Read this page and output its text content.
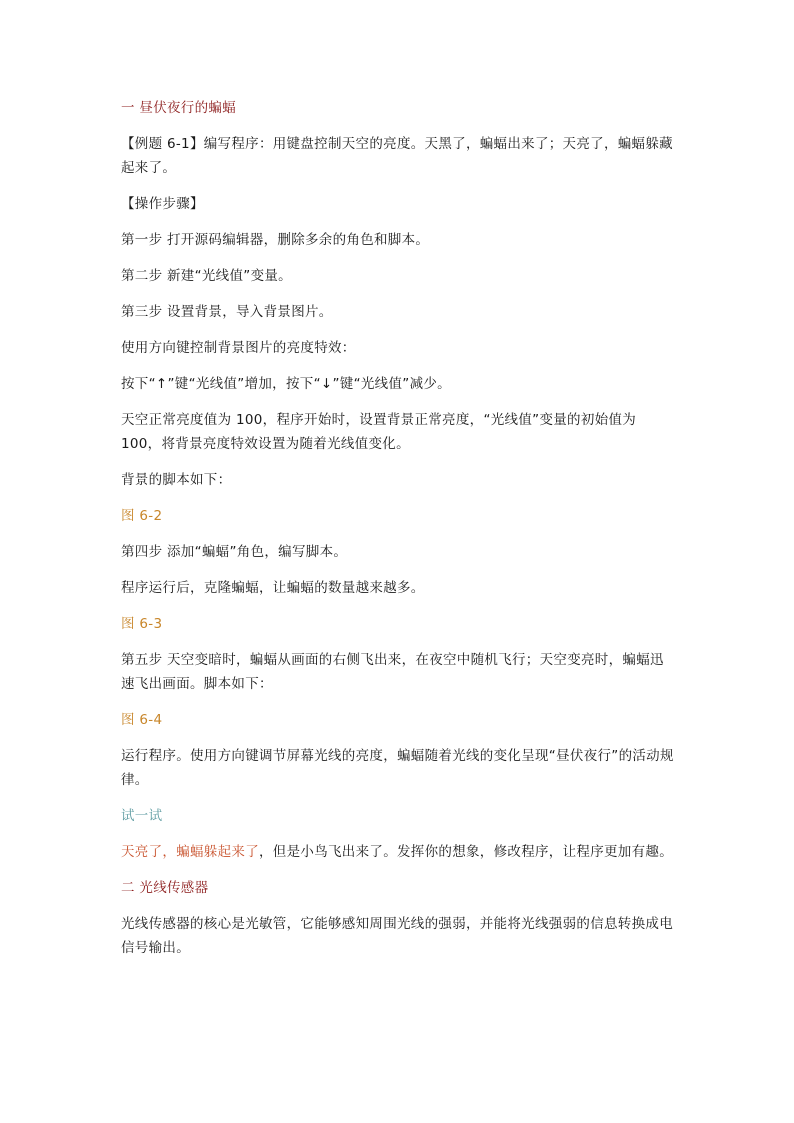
一 昼伏夜行的蝙蝠

【例题 6-1】编写程序：用键盘控制天空的亮度。天黑了，蝙蝠出来了；天亮了，蝙蝠躲藏起来了。

【操作步骤】

第一步 打开源码编辑器，删除多余的角色和脚本。

第二步 新建“光线值”变量。

第三步 设置背景，导入背景图片。

使用方向键控制背景图片的亮度特效：

按下“↑”键“光线值”增加，按下“↓”键“光线值”减少。

天空正常亮度值为 100，程序开始时，设置背景正常亮度，“光线值”变量的初始值为 100，将背景亮度特效设置为随着光线值变化。

背景的脚本如下：

图 6-2

第四步 添加“蝙蝠”角色，编写脚本。

程序运行后，克隆蝙蝠，让蝙蝠的数量越来越多。

图 6-3

第五步 天空变暗时，蝙蝠从画面的右侧飞出来，在夜空中随机飞行；天空变亮时，蝙蝠迅速飞出画面。脚本如下：

图 6-4

运行程序。使用方向键调节屏幕光线的亮度，蝙蝠随着光线的变化呈现“昼伏夜行”的活动规律。

试一试

天亮了，蝙蝠躲起来了，但是小鸟飞出来了。发挥你的想象，修改程序，让程序更加有趣。

二 光线传感器

光线传感器的核心是光敏管，它能够感知周围光线的强弱，并能将光线强弱的信息转换成电信号输出。
